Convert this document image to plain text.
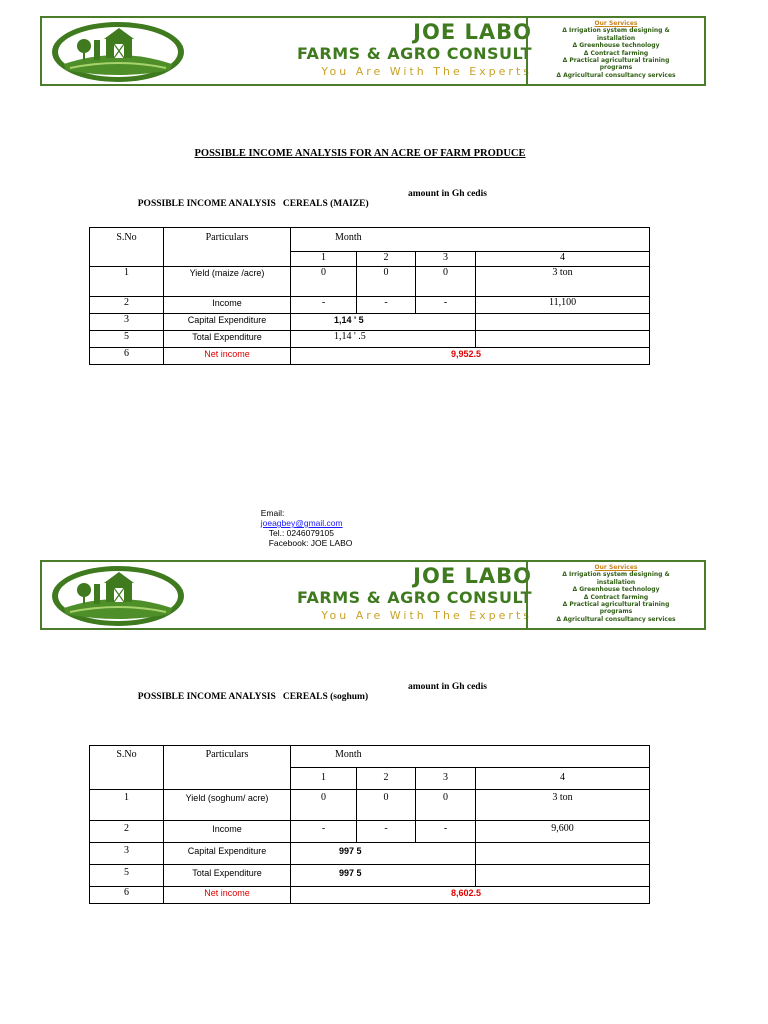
JOE LABO
FARMS & AGRO CONSULT
You Are With The Experts
Our Services
Δ Irrigation system designing &
installation
Δ Greenhouse technology
Δ Contract farming
Δ Practical agricultural training
programs
Δ Agricultural consultancy services
POSSIBLE INCOME ANALYSIS FOR AN ACRE OF FARM PRODUCE

POSSIBLE INCOME ANALYSIS   CEREALS (MAIZE)

amount in Gh cedis

S.No	Particulars	Month			
		1	2	3	4
1	Yield (maize /acre)	0	0	0	3 ton
2	Income	-	-	-	11,100
3	Capital Expenditure	1,14 ' 5			
5	Total Expenditure	1,14 ' .5			
6	Net income	9,952.5			

Email:
joeagbey@gmail.com
Tel.: 0246079105
Facebook: JOE LABO

JOE LABO
FARMS & AGRO CONSULT
You Are With The Experts
Our Services
Δ Irrigation system designing &
installation
Δ Greenhouse technology
Δ Contract farming
Δ Practical agricultural training
programs
Δ Agricultural consultancy services

POSSIBLE INCOME ANALYSIS   CEREALS (soghum)

amount in Gh cedis

S.No	Particulars	Month			
		1	2	3	4
1	Yield (soghum/ acre)	0	0	0	3 ton
2	Income	-	-	-	9,600
3	Capital Expenditure	997 5			
5	Total Expenditure	997 5			
6	Net income	8,602.5			
